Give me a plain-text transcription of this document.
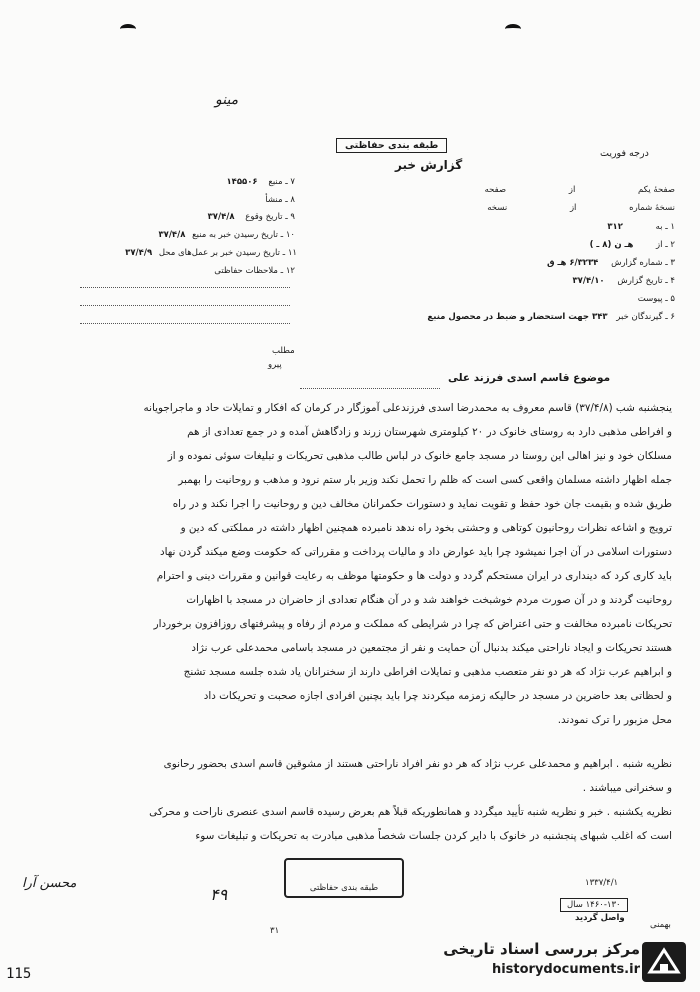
مینو
طبقه بندی حفاظتی
گزارش خبر
درجه فوریت
۷ ـ منبع ۱۴۵۵۰۶
۸ ـ منشأ
۹ ـ تاریخ وقوع ۳۷/۴/۸
۱۰ ـ تاریخ رسیدن خبر به منبع ۳۷/۴/۸
۱۱ ـ تاریخ رسیدن خبر بر عمل‌های محل ۳۷/۴/۹
۱۲ ـ ملاحظات حفاظتی
صفحهٔ یکم از صفحه
نسخهٔ شماره از نسخه
۱ ـ به ۳۱۲
۲ ـ از هـ ن (۸ ـ )
۳ ـ شماره گزارش ۶/۳۲۳۴ هـ ق
۴ ـ تاریخ گزارش ۳۷/۴/۱۰
۵ ـ پیوست
۶ ـ گیرندگان خبر ۳۴۳ جهت استحضار و ضبط در محصول منبع
مطلب
پیرو
موضوع قاسم اسدی فرزند علی

ینجشنبه شب (۳۷/۴/۸) قاسم معروف به محمدرضا اسدی فرزندعلی آموزگار در کرمان که افکار و تمایلات حاد و ماجراجویانه

و افراطی مذهبی دارد به روستای خانوک در ۲۰ کیلومتری شهرستان زرند و زادگاهش آمده و در جمع تعدادی از هم

مسلکان خود و نیز اهالی این روستا در مسجد جامع خانوک در لباس طالب مذهبی تحریکات و تبلیغات سوئی نموده و از

جمله اظهار داشته مسلمان واقعی کسی است که ظلم را تحمل نکند وزیر بار ستم نرود و مذهب و روحانیت را بهمبر

طریق شده و بقیمت جان خود حفظ و تقویت نماید و دستورات حکمرانان مخالف دین و روحانیت را اجرا نکند و در راه

ترویج و اشاعه نظرات روحانیون کوتاهی و وحشتی بخود راه ندهد نامبرده همچنین اظهار داشته در مملکتی که دین و

دستورات اسلامی در آن اجرا نمیشود چرا باید عوارض داد و مالیات پرداخت و مقرراتی که حکومت وضع میکند گردن نهاد

باید کاری کرد که دینداری در ایران مستحکم گردد و دولت ها و حکومتها موظف به رعایت قوانین و مقررات دینی و احترام

روحانیت گردند و در آن صورت مردم خوشبخت خواهند شد و در آن هنگام تعدادی از حاضران در مسجد با اظهارات

تحریکات نامبرده مخالفت و حتی اعتراض که چرا در شرایطی که مملکت و مردم از رفاه و پیشرفتهای روزافزون برخوردار

هستند تحریکات و ایجاد ناراحتی میکند بدنبال آن حمایت و نفر از مجتمعین در مسجد باسامی محمدعلی عرب نژاد

و ابراهیم عرب نژاد که هر دو نفر متعصب مذهبی و تمایلات افراطی دارند از سخنرانان یاد شده جلسه مسجد تشنج

و لحظاتی بعد حاضرین در مسجد در حالیکه زمزمه میکردند چرا باید بچنین افرادی اجازه صحبت و تحریکات داد

محل مزبور را ترک نمودند.

نظریه شنبه . ابراهیم و محمدعلی عرب نژاد که هر دو نفر افراد ناراحتی هستند از مشوقین قاسم اسدی بحضور رحانوی

و سخنرانی میباشند .

نظریه یکشنبه . خبر و نظریه شنبه تأیید میگردد و همانطوریکه قبلاً هم بعرض رسیده قاسم اسدی عنصری ناراحت و محرکی

است که اغلب شبهای پنجشنبه در خانوک با دایر کردن جلسات شخصاً مذهبی مبادرت به تحریکات و تبلیغات سوء

محسن آرا
۴۹	طبقه بندی حفاظتی	۱۳۳۷/۴/۱
۱۴۶۰-۱۳۰ سال
واصل گردید
بهمنی
۳۱
مرکز بررسی اسناد تاریخی
historydocuments.ir
115
